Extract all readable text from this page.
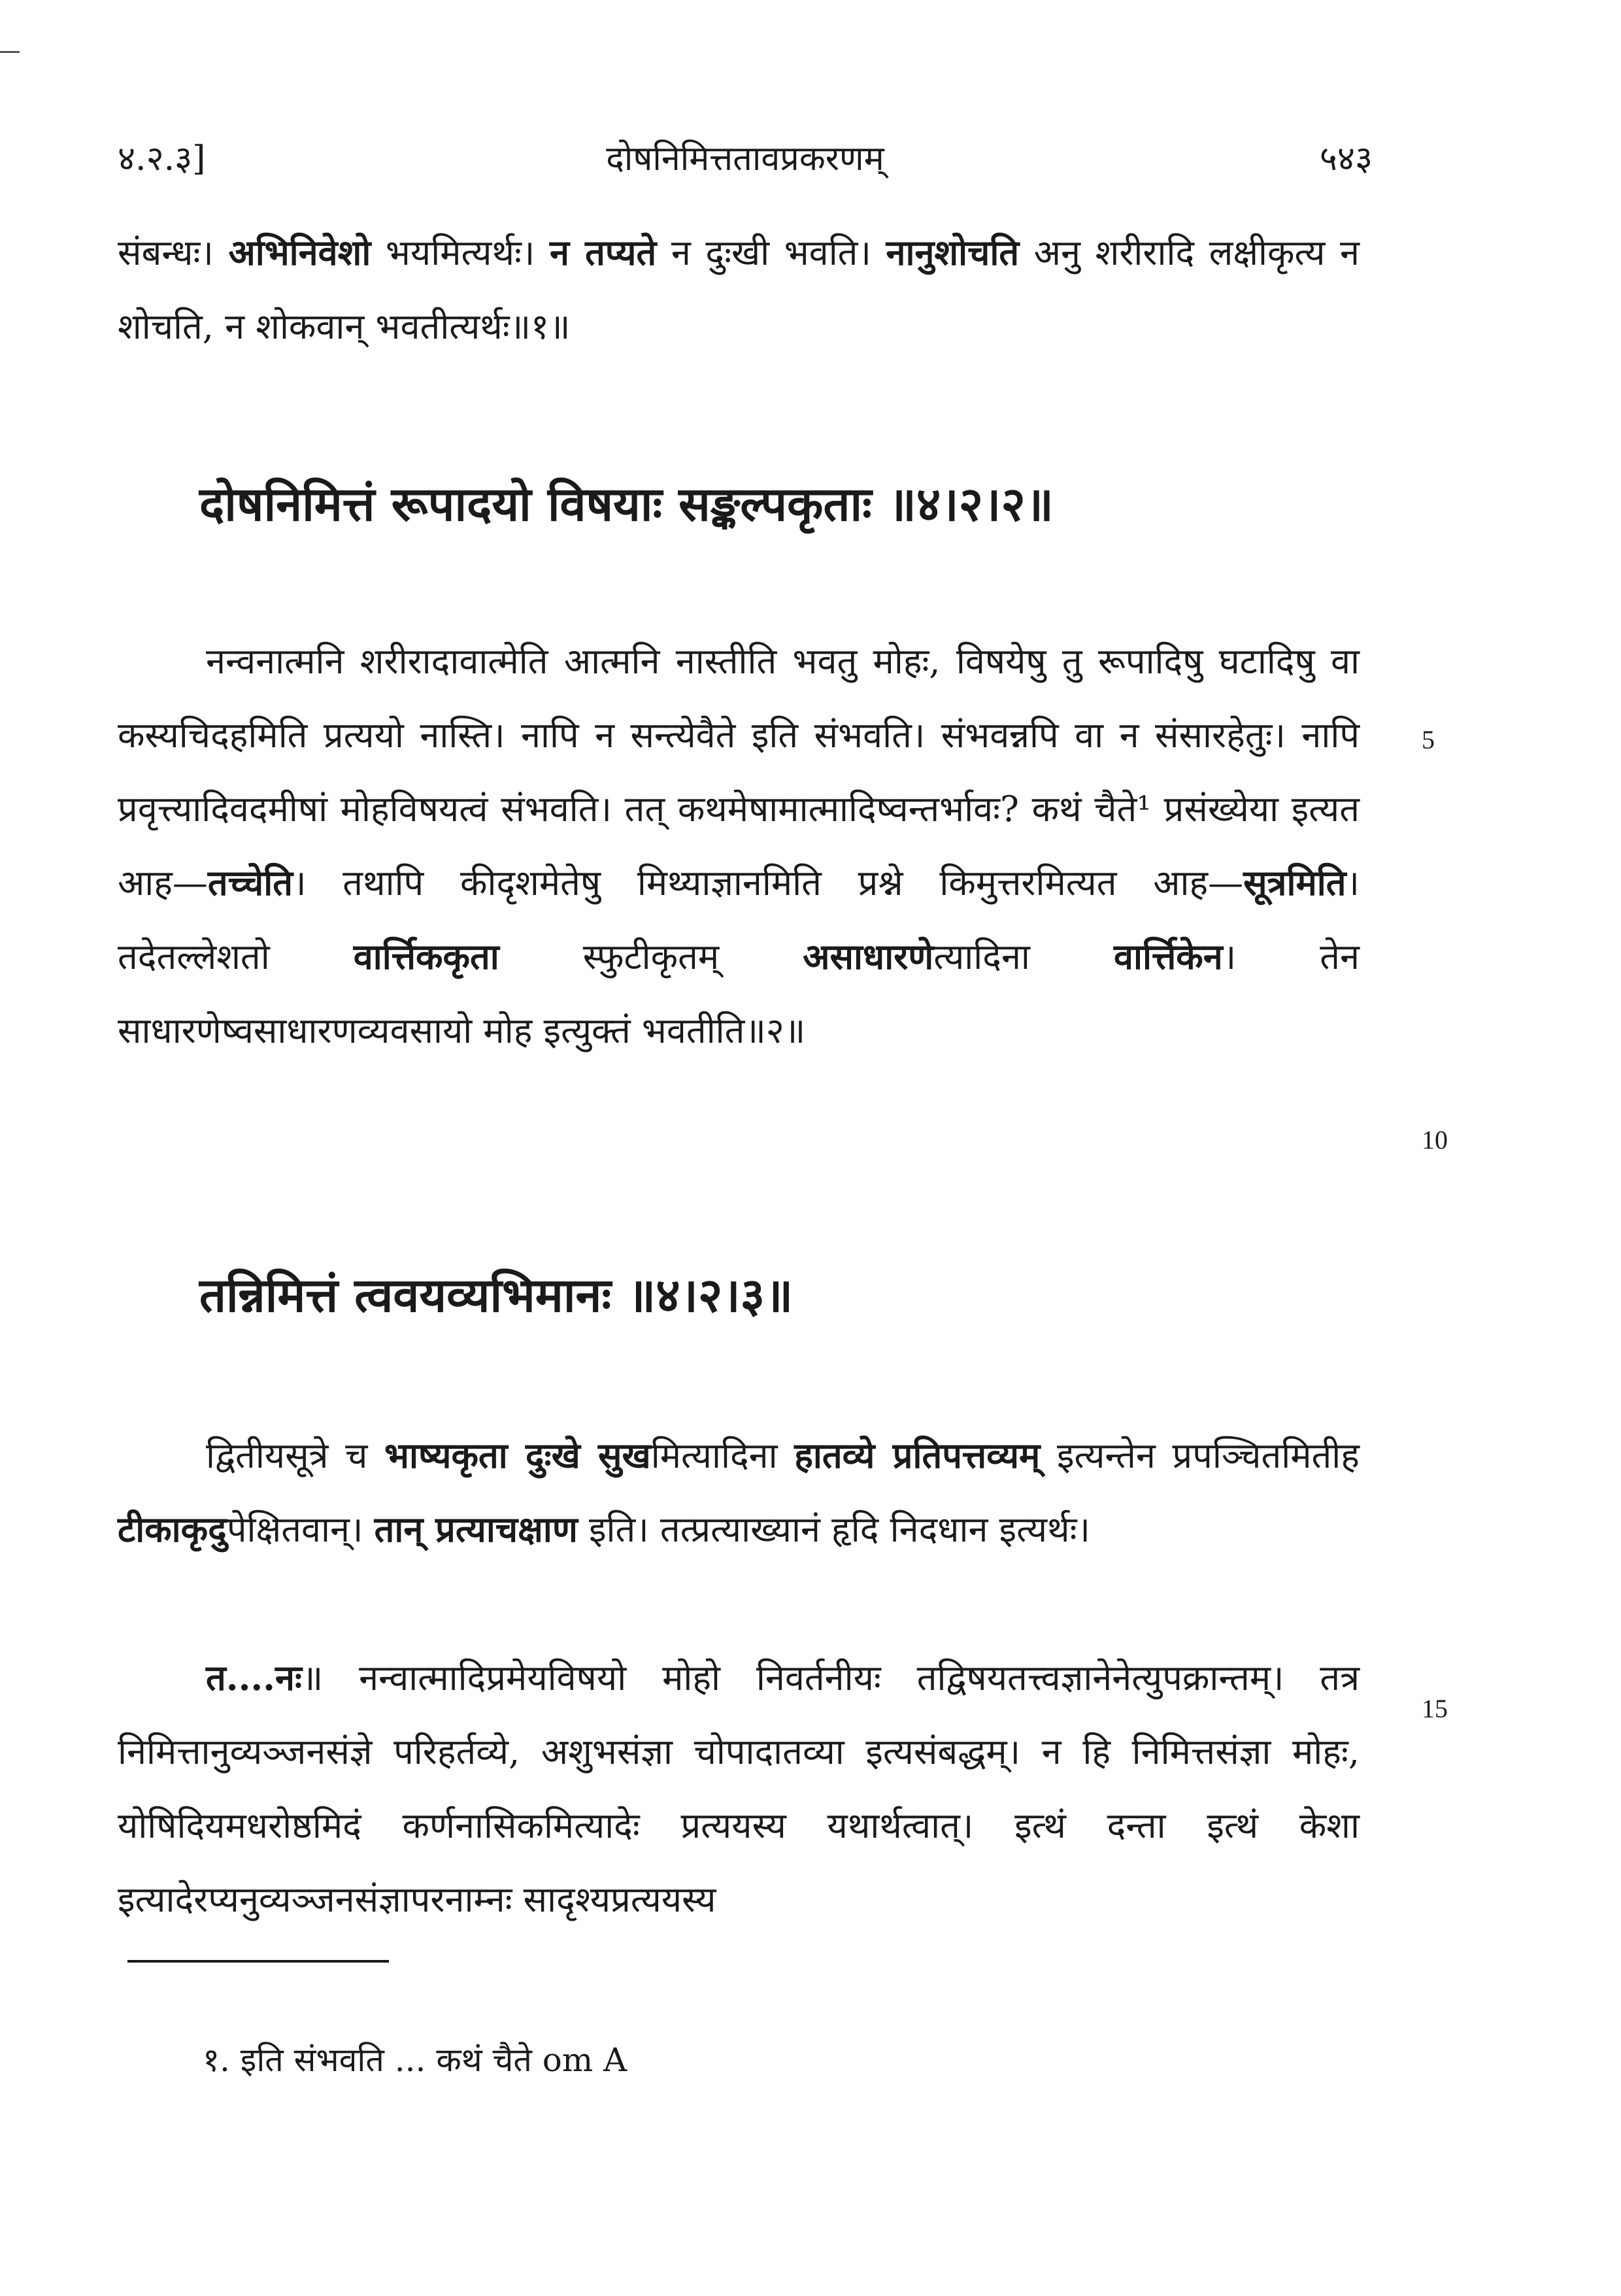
४.२.३]	दोषनिमित्ततावप्रकरणम्	५४३
संबन्धः। अभिनिवेशो भयमित्यर्थः। न तप्यते न दुःखी भवति। नानुशोचति अनु शरीरादि लक्षीकृत्य न शोचति, न शोकवान् भवतीत्यर्थः॥१॥
दोषनिमित्तं रूपादयो विषयाः सङ्कल्पकृताः ॥४।२।२॥
नन्वनात्मनि शरीरादावात्मेति आत्मनि नास्तीति भवतु मोहः, विषयेषु तु रूपादिषु घटादिषु वा कस्यचिदहमिति प्रत्ययो नास्ति। नापि न सन्त्येवैते इति संभवति। संभवन्नपि वा न संसारहेतुः। नापि प्रवृत्त्यादिवदमीषां मोहविषयत्वं संभवति। तत् कथमेषामात्मादिष्वन्तर्भावः? कथं चैते¹ प्रसंख्येया इत्यत आह—तच्चेति। तथापि कीदृशमेतेषु मिथ्याज्ञानमिति प्रश्ने किमुत्तरमित्यत आह—सूत्रमिति। तदेतल्लेशतो वार्त्तिककृता स्फुटीकृतम् असाधारणेत्यादिना वार्त्तिकेन। तेन साधारणेष्वसाधारणव्यवसायो मोह इत्युक्तं भवतीति॥२॥
तन्निमित्तं त्ववयव्यभिमानः ॥४।२।३॥
द्वितीयसूत्रे च भाष्यकृता दुःखे सुखमित्यादिना हातव्ये प्रतिपत्तव्यम् इत्यन्तेन प्रपञ्चितमितीह टीकाकृदुपेक्षितवान्। तान् प्रत्याचक्षाण इति। तत्प्रत्याख्यानं हृदि निदधान इत्यर्थः।
त....नः॥ नन्वात्मादिप्रमेयविषयो मोहो निवर्तनीयः तद्विषयतत्त्वज्ञानेनेत्युपक्रान्तम्। तत्र निमित्तानुव्यञ्जनसंज्ञे परिहर्तव्ये, अशुभसंज्ञा चोपादातव्या इत्यसंबद्धम्। न हि निमित्तसंज्ञा मोहः, योषिदियमधरोष्ठमिदं कर्णनासिकमित्यादेः प्रत्ययस्य यथार्थत्वात्। इत्थं दन्ता इत्थं केशा इत्यादेरप्यनुव्यञ्जनसंज्ञापरनाम्नः सादृश्यप्रत्ययस्य
5
10
15
१. इति संभवति ... कथं चैते om A
